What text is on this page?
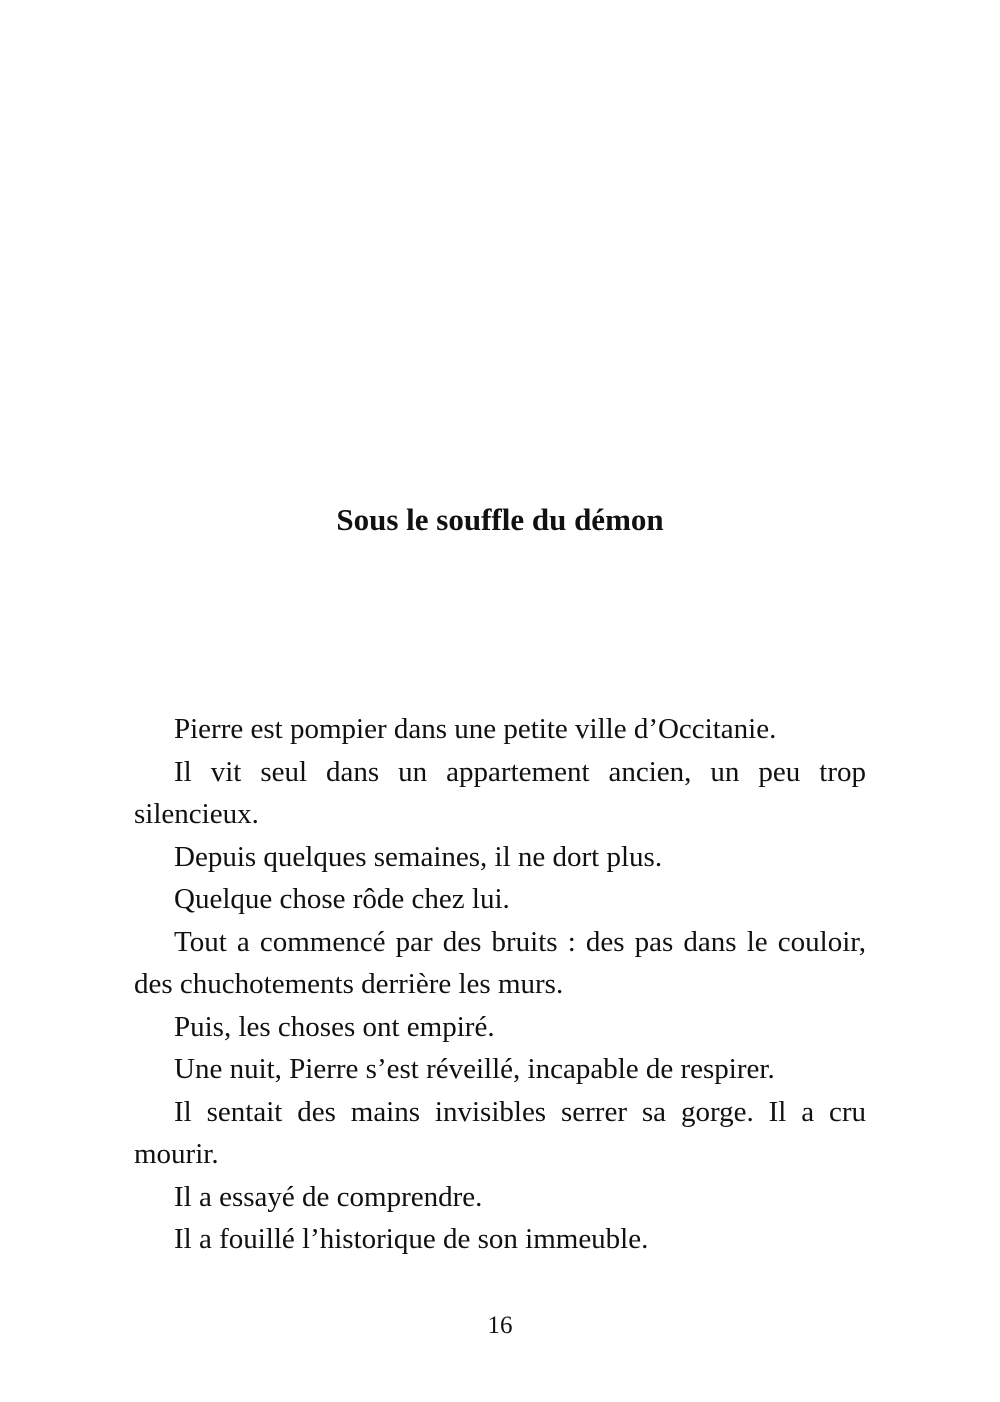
Sous le souffle du démon

Pierre est pompier dans une petite ville d’Occitanie.

Il vit seul dans un appartement ancien, un peu trop silencieux.

Depuis quelques semaines, il ne dort plus.

Quelque chose rôde chez lui.

Tout a commencé par des bruits : des pas dans le couloir, des chuchotements derrière les murs.

Puis, les choses ont empiré.

Une nuit, Pierre s’est réveillé, incapable de respirer.

Il sentait des mains invisibles serrer sa gorge. Il a cru mourir.

Il a essayé de comprendre.

Il a fouillé l’historique de son immeuble.

16
